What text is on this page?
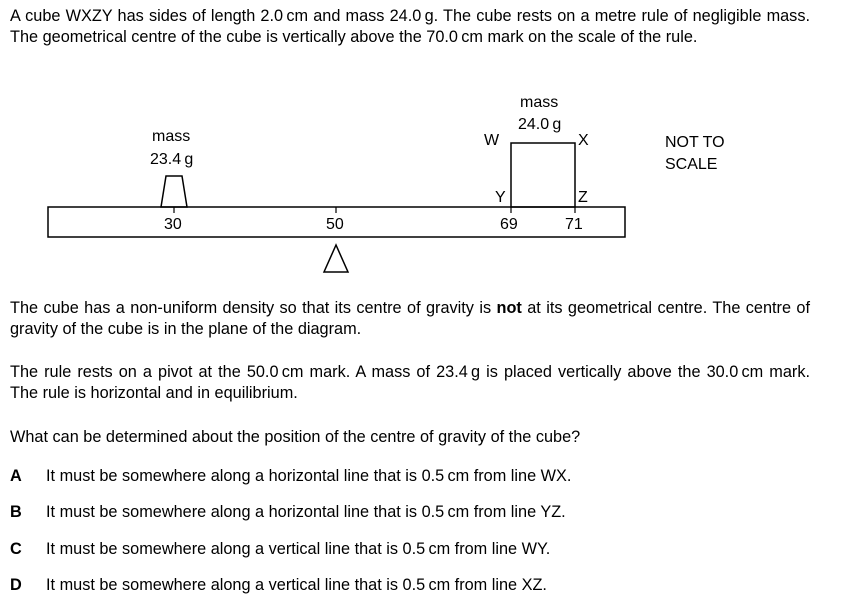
A cube WXZY has sides of length 2.0 cm and mass 24.0 g. The cube rests on a metre rule of negligible mass. The geometrical centre of the cube is vertically above the 70.0 cm mark on the scale of the rule.

mass
23.4 g
30	50	69	71
mass
24.0 g
W	X
Y	Z
NOT TO
SCALE

The cube has a non-uniform density so that its centre of gravity is not at its geometrical centre. The centre of gravity of the cube is in the plane of the diagram.

The rule rests on a pivot at the 50.0 cm mark. A mass of 23.4 g is placed vertically above the 30.0 cm mark. The rule is horizontal and in equilibrium.

What can be determined about the position of the centre of gravity of the cube?

A It must be somewhere along a horizontal line that is 0.5 cm from line WX.
B It must be somewhere along a horizontal line that is 0.5 cm from line YZ.
C It must be somewhere along a vertical line that is 0.5 cm from line WY.
D It must be somewhere along a vertical line that is 0.5 cm from line XZ.
